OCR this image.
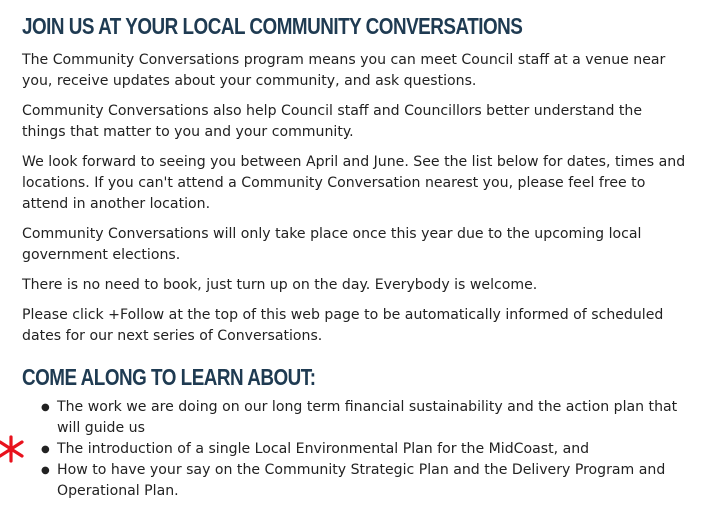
JOIN US AT YOUR LOCAL COMMUNITY CONVERSATIONS

The Community Conversations program means you can meet Council staff at a venue near you, receive updates about your community, and ask questions.

Community Conversations also help Council staff and Councillors better understand the things that matter to you and your community.

We look forward to seeing you between April and June. See the list below for dates, times and locations. If you can't attend a Community Conversation nearest you, please feel free to attend in another location.

Community Conversations will only take place once this year due to the upcoming local government elections.

There is no need to book, just turn up on the day. Everybody is welcome.

Please click +Follow at the top of this web page to be automatically informed of scheduled dates for our next series of Conversations.

COME ALONG TO LEARN ABOUT:
● The work we are doing on our long term financial sustainability and the action plan that will guide us
● The introduction of a single Local Environmental Plan for the MidCoast, and
● How to have your say on the Community Strategic Plan and the Delivery Program and Operational Plan.
